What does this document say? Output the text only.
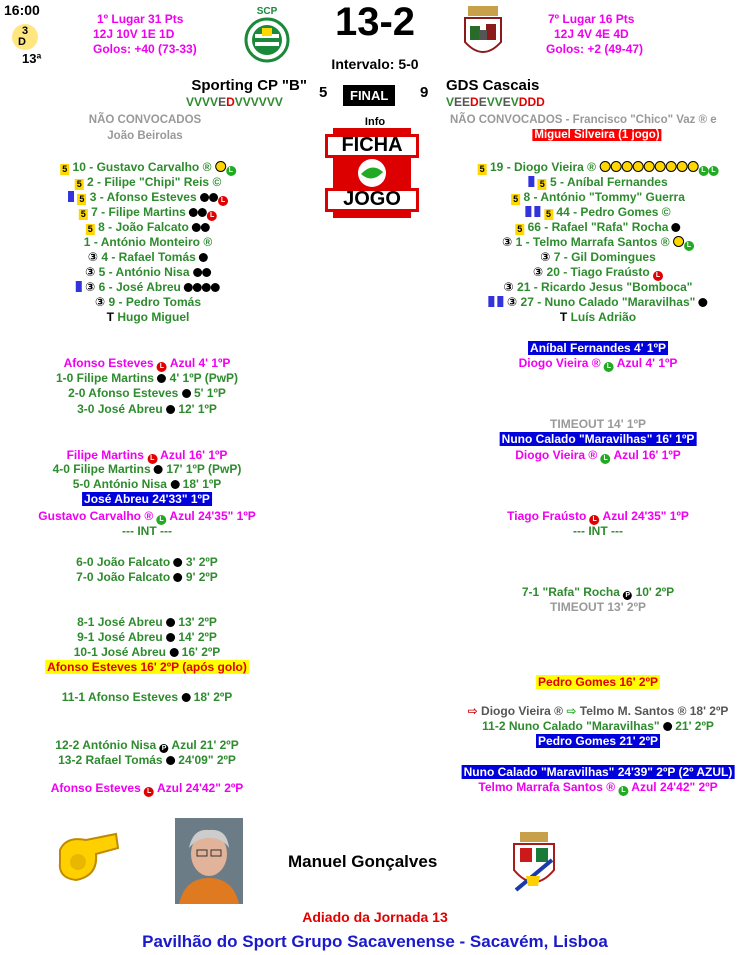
16:00
3
D
13ª
1º Lugar 31 Pts
12J 10V 1E 1D
Golos: +40 (73-33)
SCP 13-2
Intervalo: 5-0
7º Lugar 16 Pts
12J 4V 4E 4D
Golos: +2 (49-47)
Sporting CP "B" 5	FINAL	9 GDS Cascais
VVVVEDVVVVVV	VEEDEVVEVDDD
Info
FICHA
JOGO
NÃO CONVOCADOS
João Beirolas
NÃO CONVOCADOS - Francisco "Chico" Vaz ® e
Miguel Silveira (1 jogo)
5 10 - Gustavo Carvalho ® L
5 2 - Filipe "Chipi" Reis ©
5 3 - Afonso Esteves	L
5 7 - Filipe Martins	L
5 8 - João Falcato
1 - António Monteiro ®
③ 4 - Rafael Tomás
③ 5 - António Nisa
③ 6 - José Abreu
③ 9 - Pedro Tomás
T Hugo Miguel
5 19 - Diogo Vieira ®	L L
5 5 - Aníbal Fernandes
5 8 - António "Tommy" Guerra
5 44 - Pedro Gomes ©
5 66 - Rafael "Rafa" Rocha
③ 1 - Telmo Marrafa Santos ® L
③ 7 - Gil Domingues
③ 20 - Tiago Fraústo L
③ 21 - Ricardo Jesus "Bomboca"
③ 27 - Nuno Calado "Maravilhas"
T Luís Adrião
Afonso Esteves L Azul 4' 1ºP
1-0 Filipe Martins  4' 1ºP (PwP)
2-0 Afonso Esteves  5' 1ºP
3-0 José Abreu  12' 1ºP
Filipe Martins L Azul 16' 1ºP
4-0 Filipe Martins  17' 1ºP (PwP)
5-0 António Nisa  18' 1ºP
José Abreu 24'33" 1ºP
Gustavo Carvalho ® L Azul 24'35" 1ºP
--- INT ---
6-0 João Falcato  3' 2ºP
7-0 João Falcato  9' 2ºP
8-1 José Abreu  13' 2ºP
9-1 José Abreu  14' 2ºP
10-1 José Abreu  16' 2ºP
Afonso Esteves 16' 2ºP (após golo)
11-1 Afonso Esteves  18' 2ºP
12-2 António Nisa P Azul 21' 2ºP
13-2 Rafael Tomás  24'09" 2ºP
Afonso Esteves L Azul 24'42" 2ºP
Aníbal Fernandes 4' 1ºP
Diogo Vieira ® L Azul 4' 1ºP
TIMEOUT 14' 1ºP
Nuno Calado "Maravilhas" 16' 1ºP
Diogo Vieira ® L Azul 16' 1ºP
Tiago Fraústo L Azul 24'35" 1ºP
--- INT ---
7-1 "Rafa" Rocha P 10' 2ºP
TIMEOUT 13' 2ºP
Pedro Gomes 16' 2ºP
⇨ Diogo Vieira ® ⇨ Telmo M. Santos ® 18' 2ºP
11-2 Nuno Calado "Maravilhas"  21' 2ºP
Pedro Gomes 21' 2ºP
Nuno Calado "Maravilhas" 24'39" 2ºP (2º AZUL)
Telmo Marrafa Santos ® L Azul 24'42" 2ºP
Manuel Gonçalves
Adiado da Jornada 13
Pavilhão do Sport Grupo Sacavenense - Sacavém, Lisboa
